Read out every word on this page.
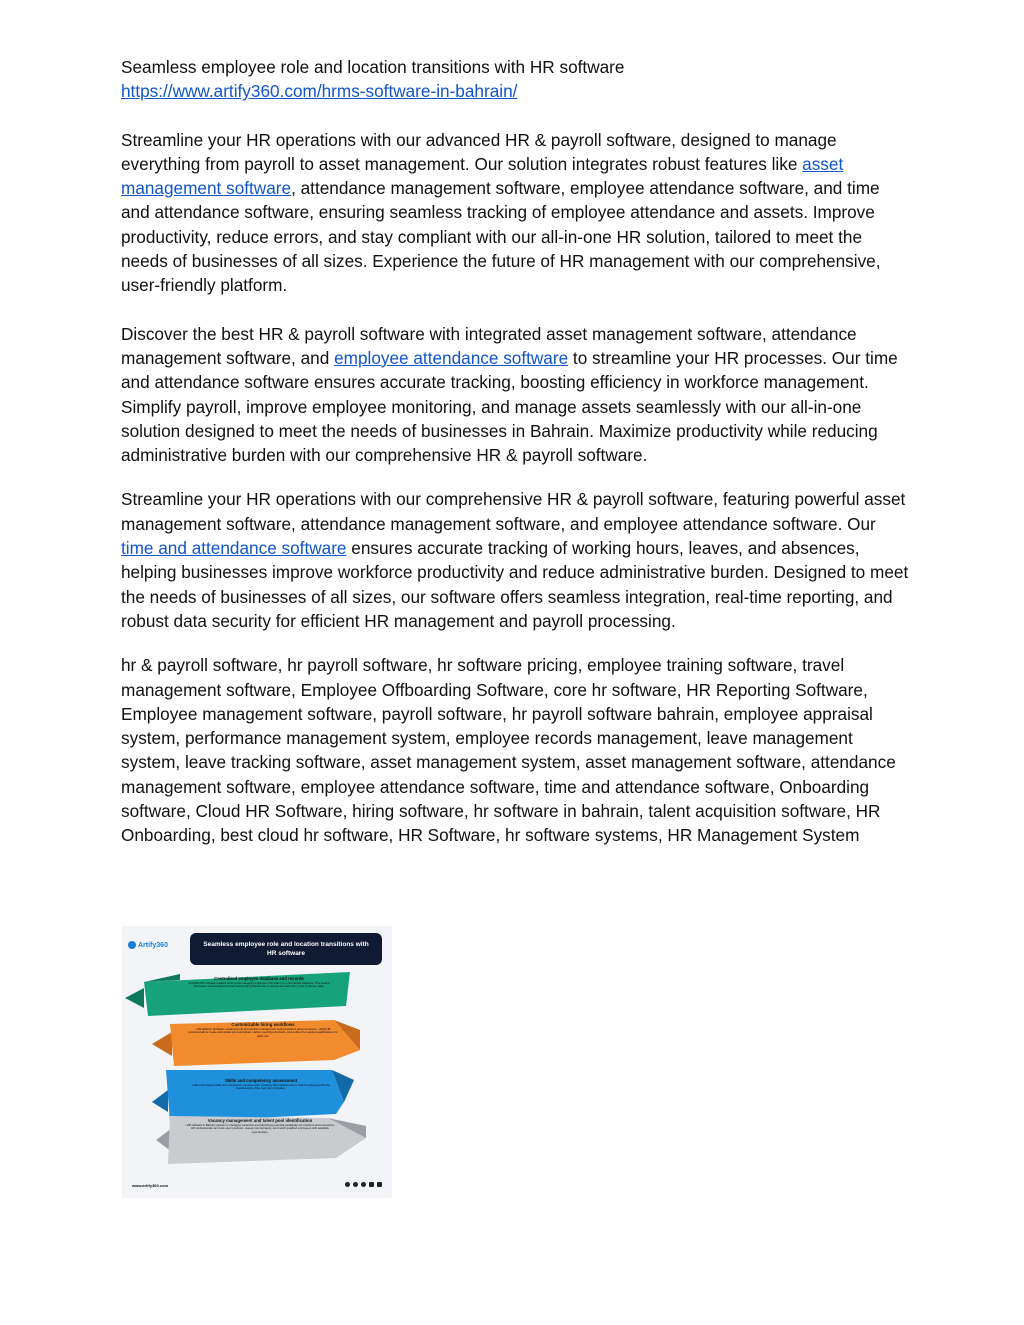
Seamless employee role and location transitions with HR software

https://www.artify360.com/hrms-software-in-bahrain/

Streamline your HR operations with our advanced HR & payroll software, designed to manage everything from payroll to asset management. Our solution integrates robust features like asset management software, attendance management software, employee attendance software, and time and attendance software, ensuring seamless tracking of employee attendance and assets. Improve productivity, reduce errors, and stay compliant with our all-in-one HR solution, tailored to meet the needs of businesses of all sizes. Experience the future of HR management with our comprehensive, user-friendly platform.

Discover the best HR & payroll software with integrated asset management software, attendance management software, and employee attendance software to streamline your HR processes. Our time and attendance software ensures accurate tracking, boosting efficiency in workforce management. Simplify payroll, improve employee monitoring, and manage assets seamlessly with our all-in-one solution designed to meet the needs of businesses in Bahrain. Maximize productivity while reducing administrative burden with our comprehensive HR & payroll software.

Streamline your HR operations with our comprehensive HR & payroll software, featuring powerful asset management software, attendance management software, and employee attendance software. Our time and attendance software ensures accurate tracking of working hours, leaves, and absences, helping businesses improve workforce productivity and reduce administrative burden. Designed to meet the needs of businesses of all sizes, our software offers seamless integration, real-time reporting, and robust data security for efficient HR management and payroll processing.

hr & payroll software, hr payroll software, hr software pricing, employee training software, travel management software, Employee Offboarding Software, core hr software, HR Reporting Software, Employee management software, payroll software, hr payroll software bahrain, employee appraisal system, performance management system, employee records management, leave management system, leave tracking software, asset management system, asset management software, attendance management software, employee attendance software, time and attendance software, Onboarding software, Cloud HR Software, hiring software, hr software in bahrain, talent acquisition software, HR Onboarding, best cloud hr software, HR Software, hr software systems, HR Management System

Artify360	Seamless employee role and location transitions with HR software
Centralized employee database and records
Artify360 HR software enables storing and managing employee information in a centralized database. This feature eliminates manual paperwork and allows HR professionals to access accurate info on the employee data.
Customizable hiring workflows
• HR platform facilitates enhanced role and position management during transfers and promotions. • Artify HR professionals to create and update job descriptions, define reporting structures, and outline the required qualifications for each role.
Skills and competency assessment
• HR tools support skills and competency assessments, enabling HR professionals to match employees with the requirements of the new role or location.
Vacancy management and talent pool identification
• HR software in Bahrain assists in managing vacancies and identifying potential candidates for transfers and promotions. HR professionals can track open positions, assess internal talent, and match qualified employees with available opportunities.
www.artify360.com
